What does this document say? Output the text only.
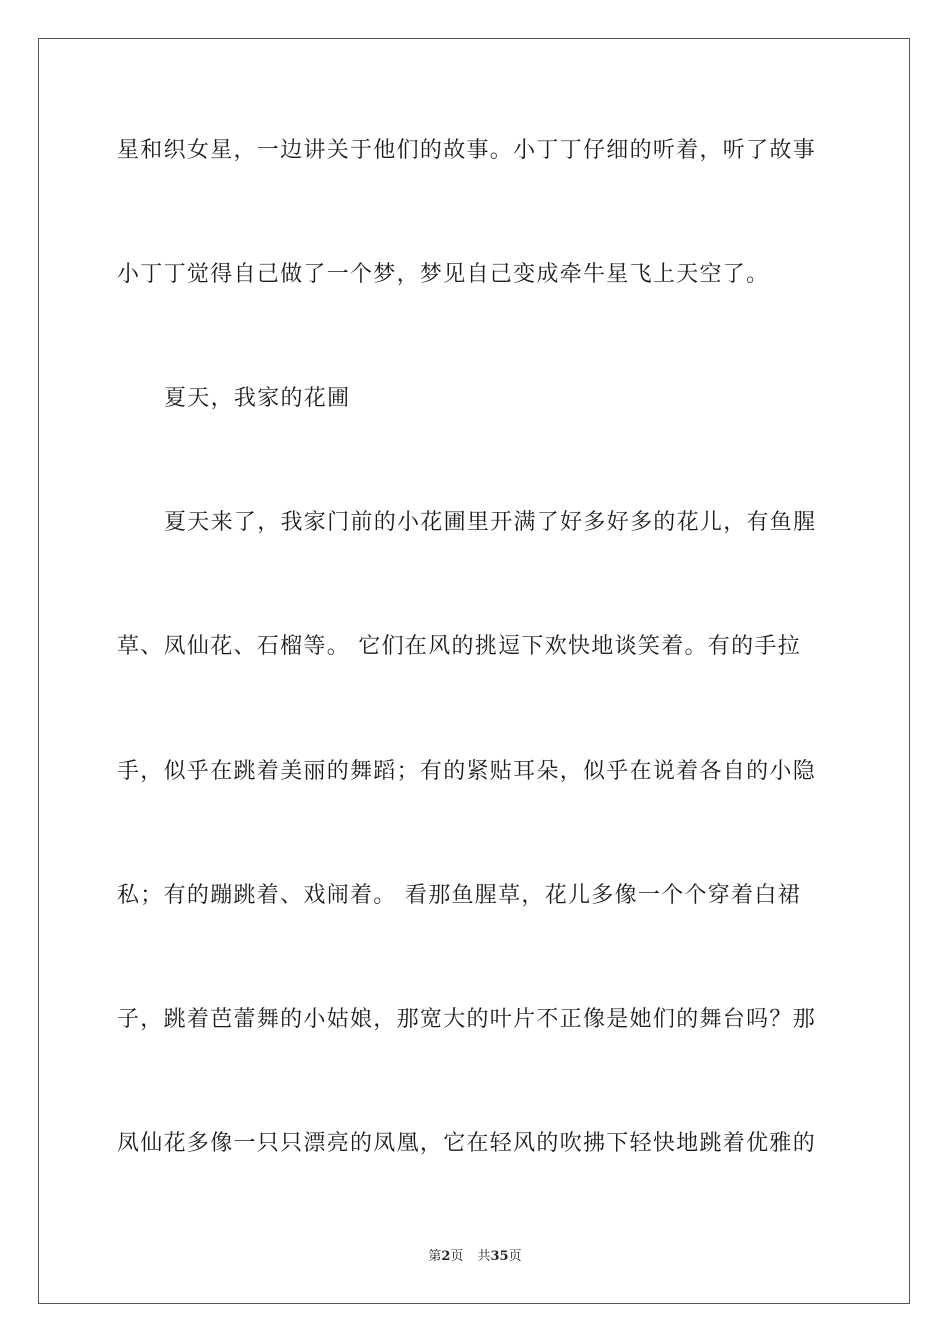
星和织女星，一边讲关于他们的故事。小丁丁仔细的听着，听了故事
小丁丁觉得自己做了一个梦，梦见自己变成牵牛星飞上天空了。
夏天，我家的花圃
夏天来了，我家门前的小花圃里开满了好多好多的花儿，有鱼腥
草、凤仙花、石榴等。 它们在风的挑逗下欢快地谈笑着。有的手拉
手，似乎在跳着美丽的舞蹈；有的紧贴耳朵，似乎在说着各自的小隐
私；有的蹦跳着、戏闹着。 看那鱼腥草，花儿多像一个个穿着白裙
子，跳着芭蕾舞的小姑娘，那宽大的叶片不正像是她们的舞台吗？那
凤仙花多像一只只漂亮的凤凰，它在轻风的吹拂下轻快地跳着优雅的
第2页 共35页
